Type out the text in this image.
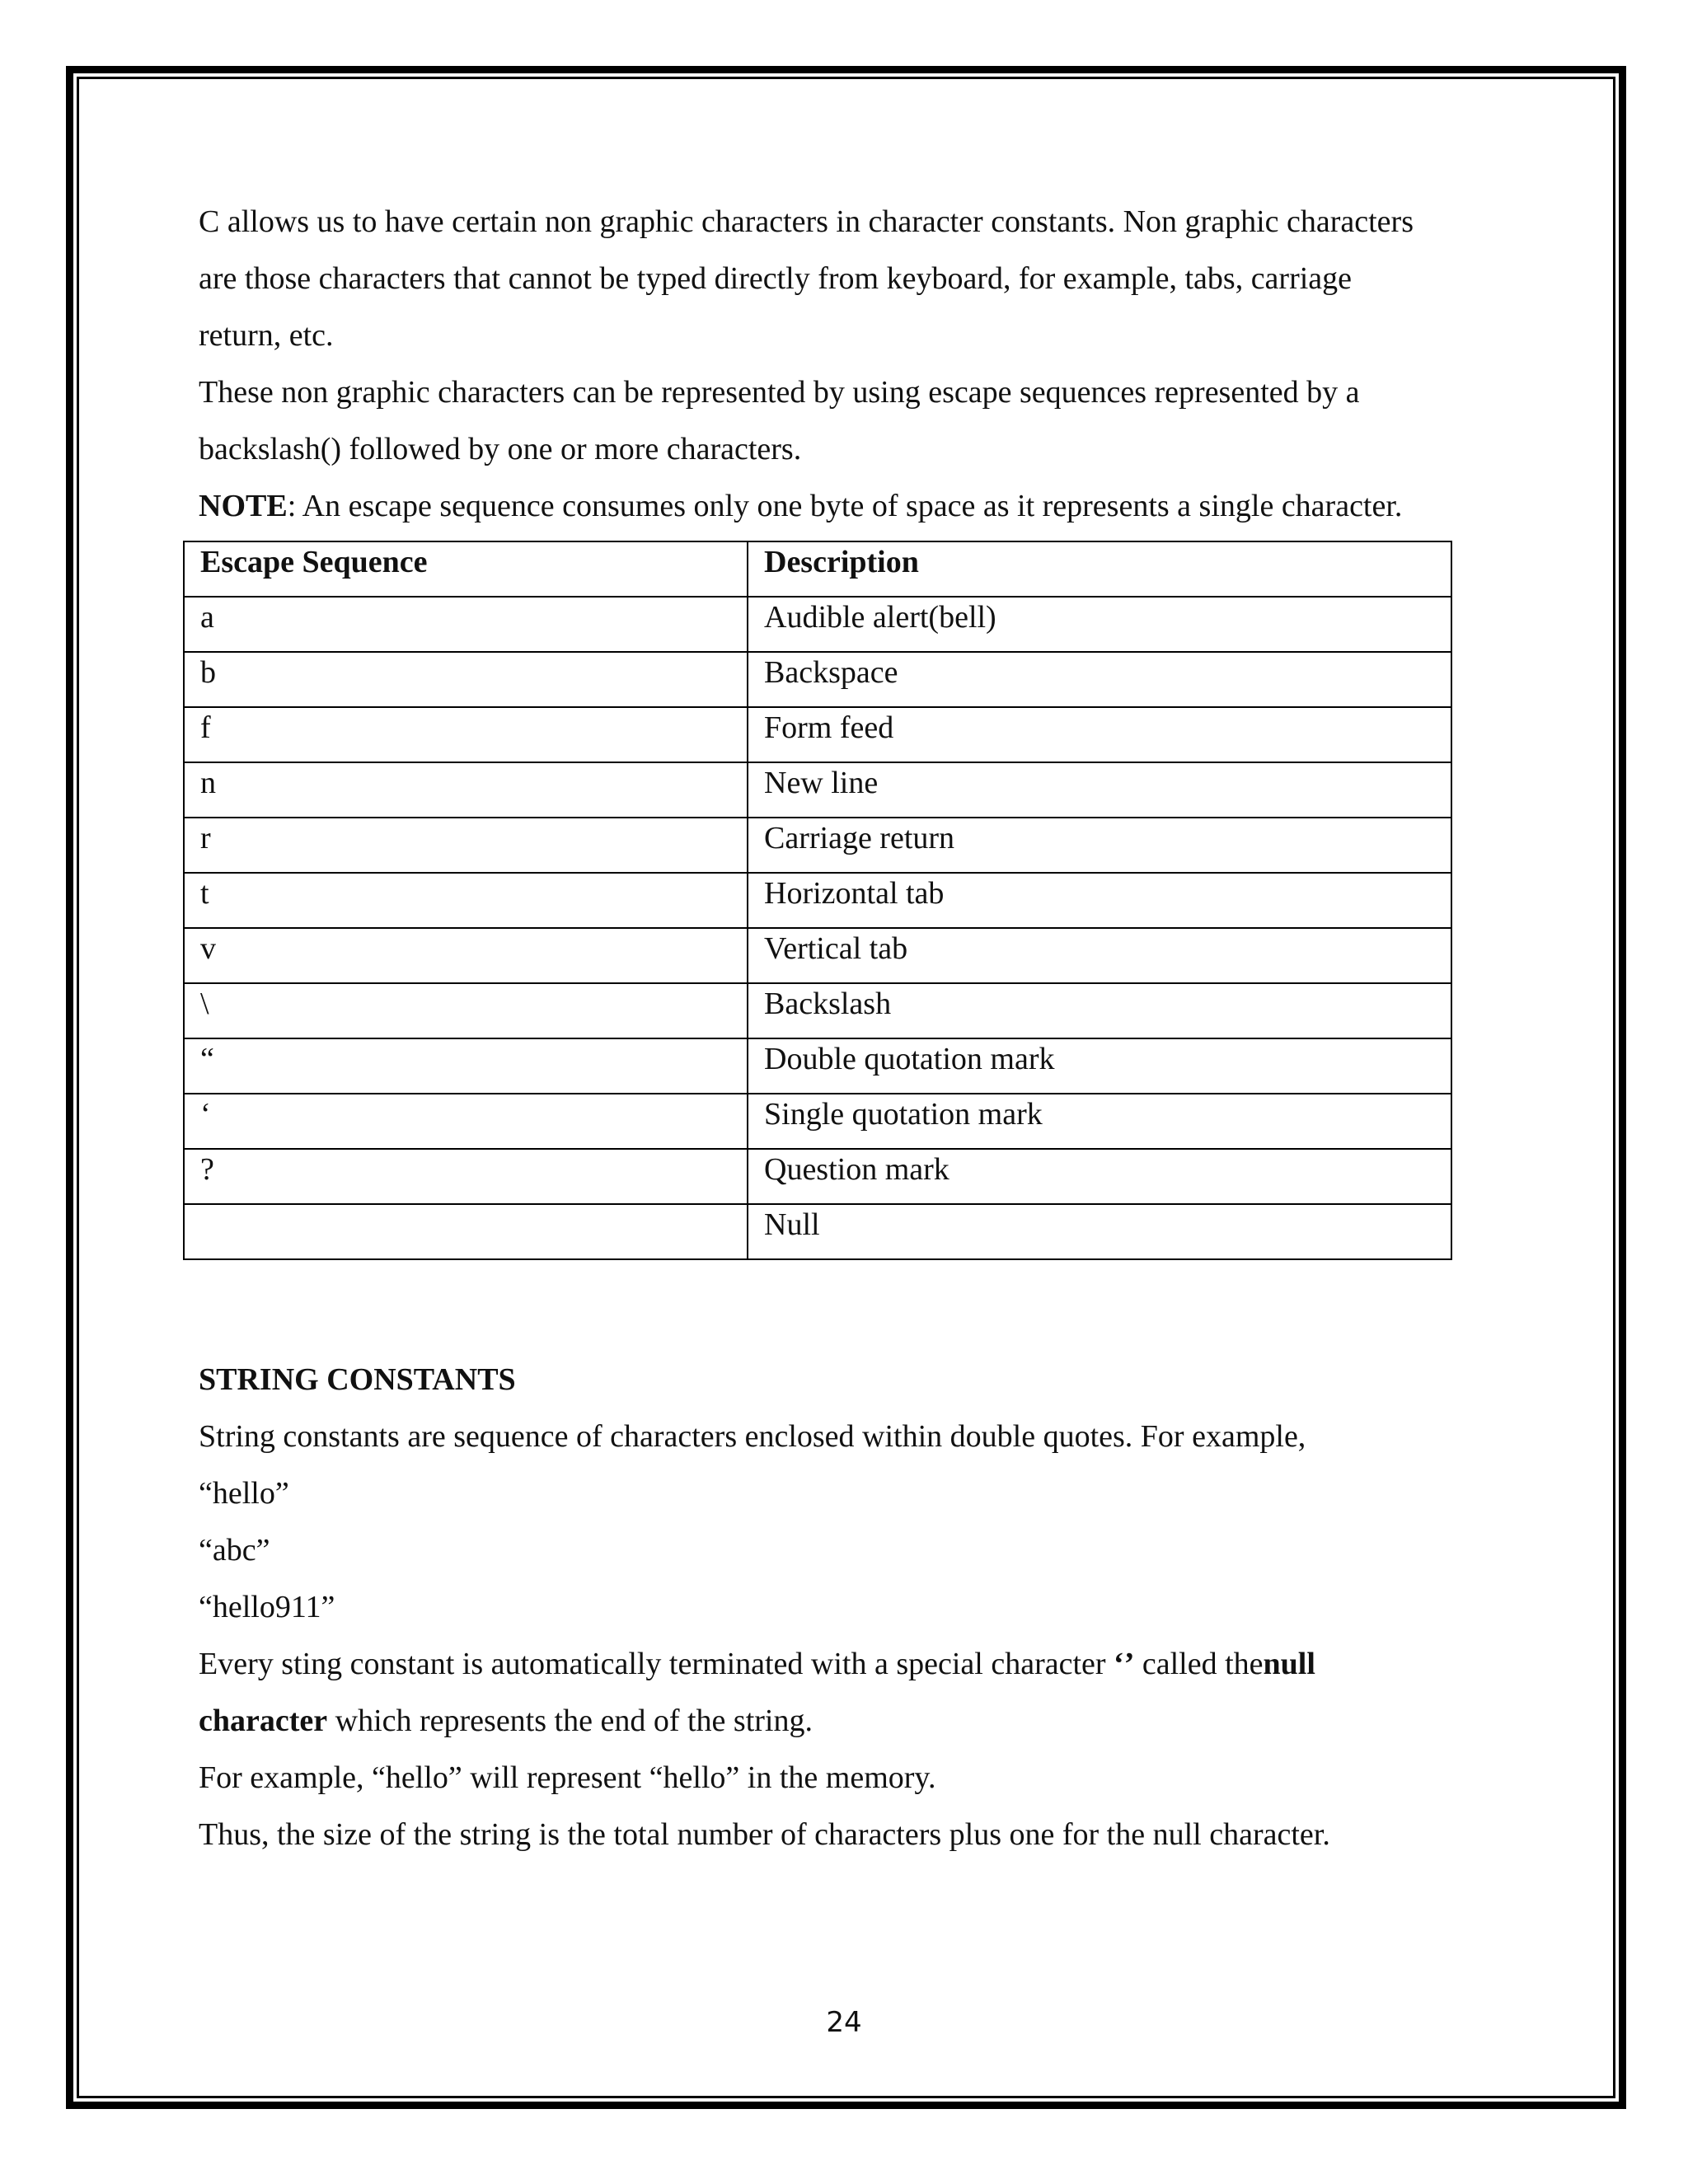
C allows us to have certain non graphic characters in character constants. Non graphic characters

are those characters that cannot be typed directly from keyboard, for example, tabs, carriage

return, etc.

These non graphic characters can be represented by using escape sequences represented by a

backslash() followed by one or more characters.

NOTE: An escape sequence consumes only one byte of space as it represents a single character.

Escape Sequence	Description
a	Audible alert(bell)
b	Backspace
f	Form feed
n	New line
r	Carriage return
t	Horizontal tab
v	Vertical tab
\	Backslash
“	Double quotation mark
‘	Single quotation mark
?	Question mark
	Null

STRING CONSTANTS

String constants are sequence of characters enclosed within double quotes. For example,

“hello”

“abc”

“hello911”

Every sting constant is automatically terminated with a special character ‘’ called thenull

character which represents the end of the string.

For example, “hello” will represent “hello” in the memory.

Thus, the size of the string is the total number of characters plus one for the null character.

24
